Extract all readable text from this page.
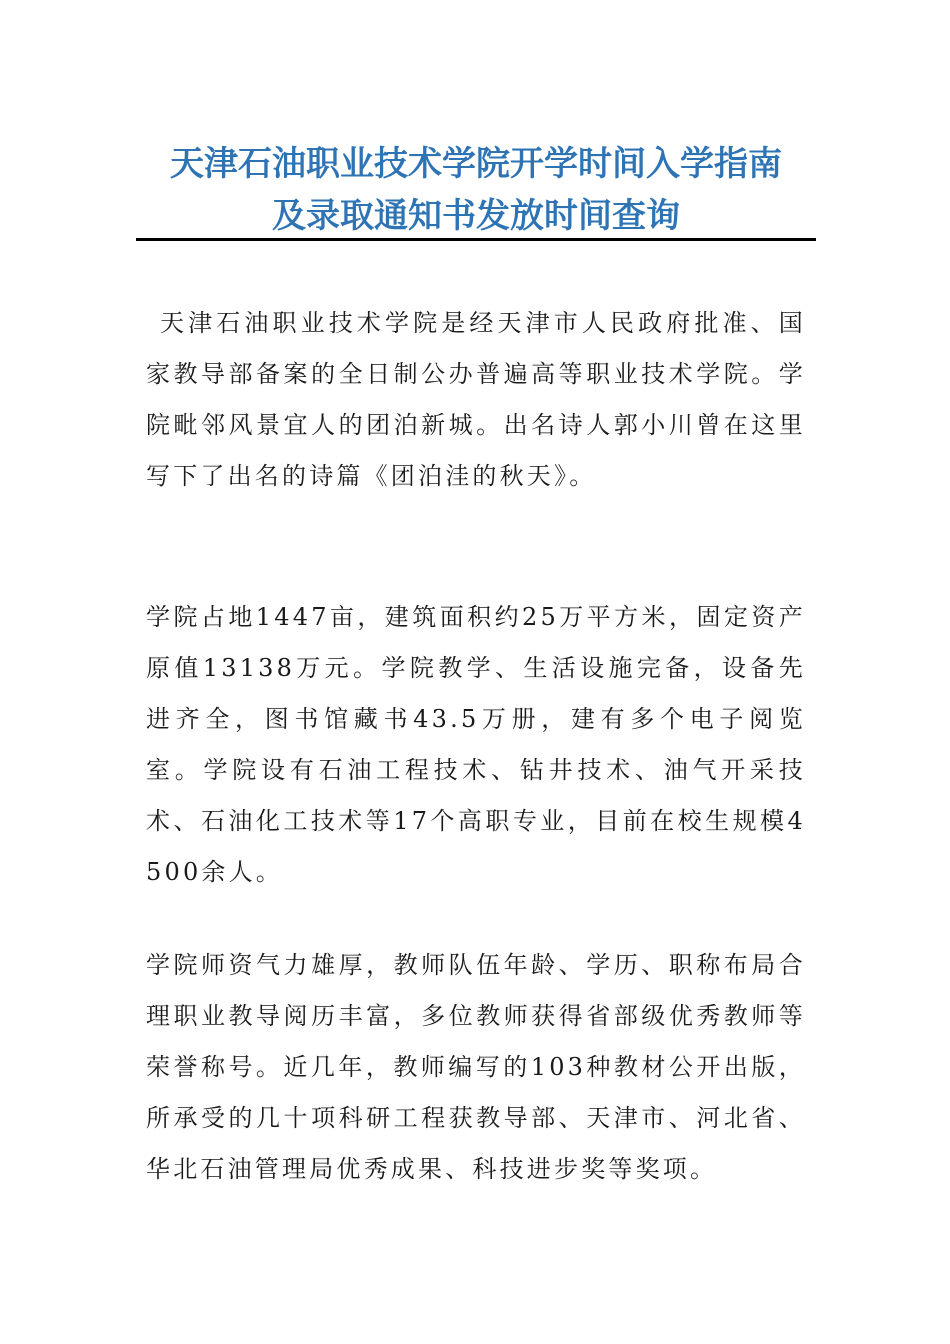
天津石油职业技术学院开学时间入学指南
及录取通知书发放时间查询

天津石油职业技术学院是经天津市人民政府批准、国家教导部备案的全日制公办普遍高等职业技术学院。学院毗邻风景宜人的团泊新城。出名诗人郭小川曾在这里写下了出名的诗篇《团泊洼的秋天》。

学院占地1447亩，建筑面积约25万平方米，固定资产原值13138万元。学院教学、生活设施完备，设备先进齐全，图书馆藏书43.5万册，建有多个电子阅览室。学院设有石油工程技术、钻井技术、油气开采技术、石油化工技术等17个高职专业，目前在校生规模4500余人。

学院师资气力雄厚，教师队伍年龄、学历、职称布局合理职业教导阅历丰富，多位教师获得省部级优秀教师等荣誉称号。近几年，教师编写的103种教材公开出版，所承受的几十项科研工程获教导部、天津市、河北省、华北石油管理局优秀成果、科技进步奖等奖项。
